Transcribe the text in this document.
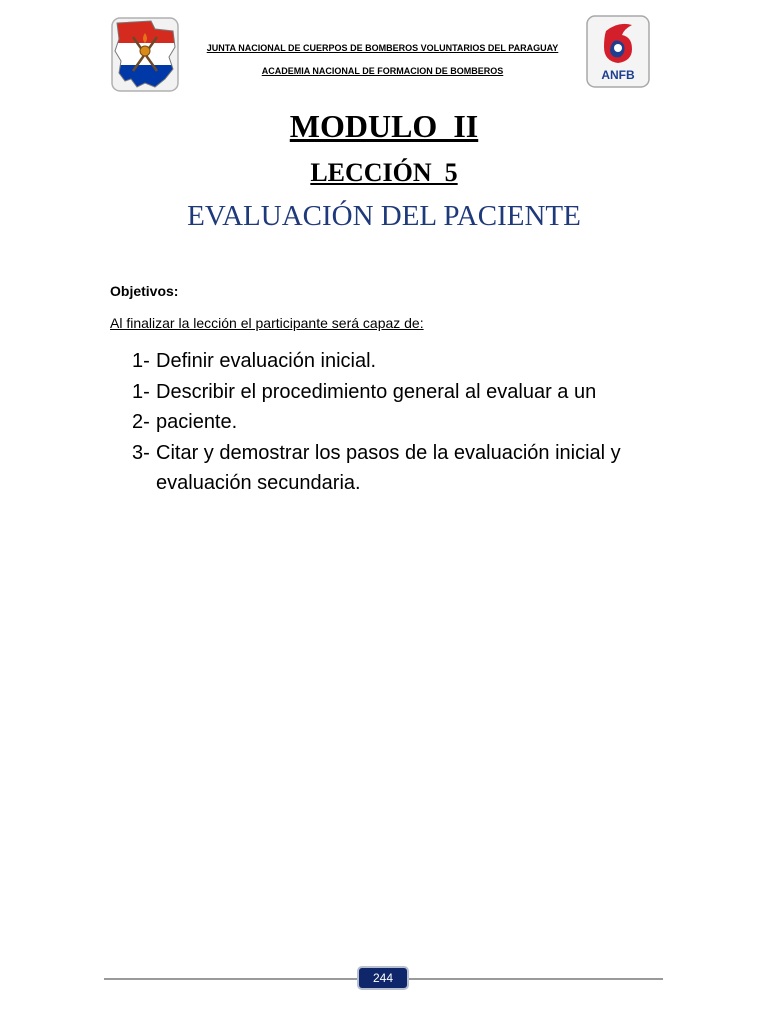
ANFB
JUNTA NACIONAL DE CUERPOS DE BOMBEROS VOLUNTARIOS DEL PARAGUAY
ACADEMIA NACIONAL DE FORMACION DE BOMBEROS
MODULO  II
LECCIÓN  5
EVALUACIÓN DEL PACIENTE
Objetivos:
Al finalizar la lección el participante será capaz de:
1- Definir evaluación inicial.
1- Describir el procedimiento general al evaluar a un
2- paciente.
3- Citar y demostrar los pasos de la evaluación inicial y
evaluación secundaria.
244
